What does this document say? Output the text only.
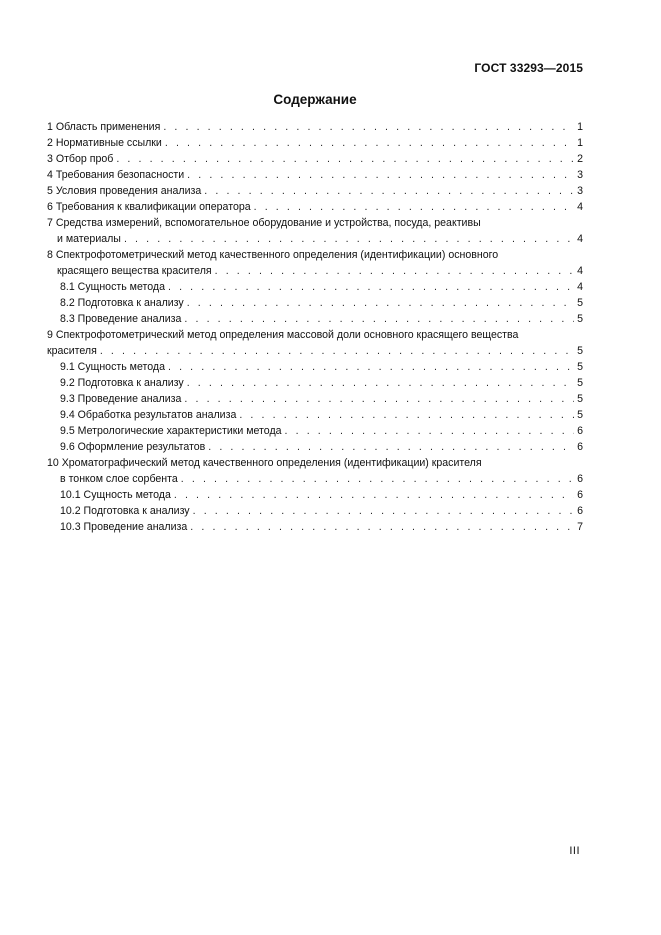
ГОСТ 33293—2015
Содержание
1 Область применения . . .	1
2 Нормативные ссылки . . .	1
3 Отбор проб . . .	2
4 Требования безопасности . . .	3
5 Условия проведения анализа . . .	3
6 Требования к квалификации оператора . . .	4
7 Средства измерений, вспомогательное оборудование и устройства, посуда, реактивы
и материалы . . .	4
8 Спектрофотометрический метод качественного определения (идентификации) основного
красящего вещества красителя . . .	4
8.1 Сущность метода . . .	4
8.2 Подготовка к анализу . . .	5
8.3 Проведение анализа . . .	5
9 Спектрофотометрический метод определения массовой доли основного красящего вещества
красителя . . .	5
9.1 Сущность метода . . .	5
9.2 Подготовка к анализу . . .	5
9.3 Проведение анализа . . .	5
9.4 Обработка результатов анализа . . .	5
9.5 Метрологические характеристики метода . . .	6
9.6 Оформление результатов . . .	6
10 Хроматографический метод качественного определения (идентификации) красителя
в тонком слое сорбента . . .	6
10.1 Сущность метода . . .	6
10.2 Подготовка к анализу . . .	6
10.3 Проведение анализа . . .	7
III
